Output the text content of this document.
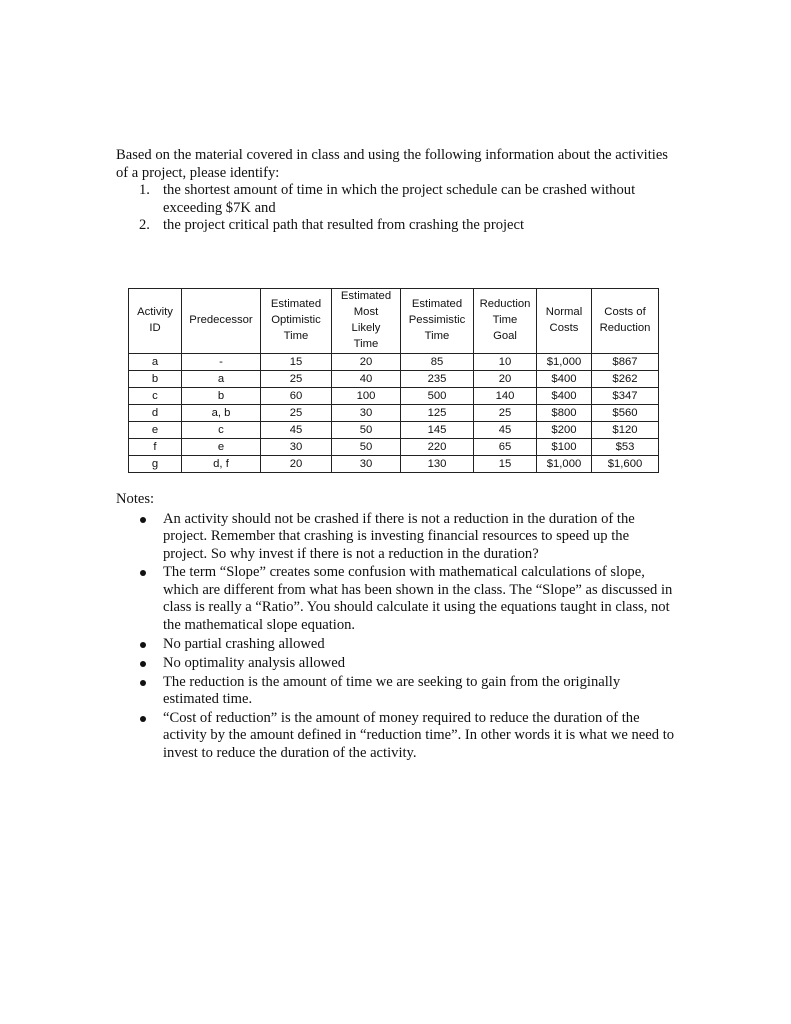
Based on the material covered in class and using the following information about the activities of a project, please identify:

1. the shortest amount of time in which the project schedule can be crashed without exceeding $7K and
2. the project critical path that resulted from crashing the project
Activity
ID	Predecessor	Estimated
Optimistic
Time	Estimated
Most
Likely
Time	Estimated
Pessimistic
Time	Reduction
Time
Goal	Normal
Costs	Costs of
Reduction
a	-	15	20	85	10	$1,000	$867
b	a	25	40	235	20	$400	$262
c	b	60	100	500	140	$400	$347
d	a, b	25	30	125	25	$800	$560
e	c	45	50	145	45	$200	$120
f	e	30	50	220	65	$100	$53
g	d, f	20	30	130	15	$1,000	$1,600

Notes:

An activity should not be crashed if there is not a reduction in the duration of the project. Remember that crashing is investing financial resources to speed up the project. So why invest if there is not a reduction in the duration?
The term “Slope” creates some confusion with mathematical calculations of slope, which are different from what has been shown in the class. The “Slope” as discussed in class is really a “Ratio”. You should calculate it using the equations taught in class, not the mathematical slope equation.
No partial crashing allowed
No optimality analysis allowed
The reduction is the amount of time we are seeking to gain from the originally estimated time.
“Cost of reduction” is the amount of money required to reduce the duration of the activity by the amount defined in “reduction time”. In other words it is what we need to invest to reduce the duration of the activity.
